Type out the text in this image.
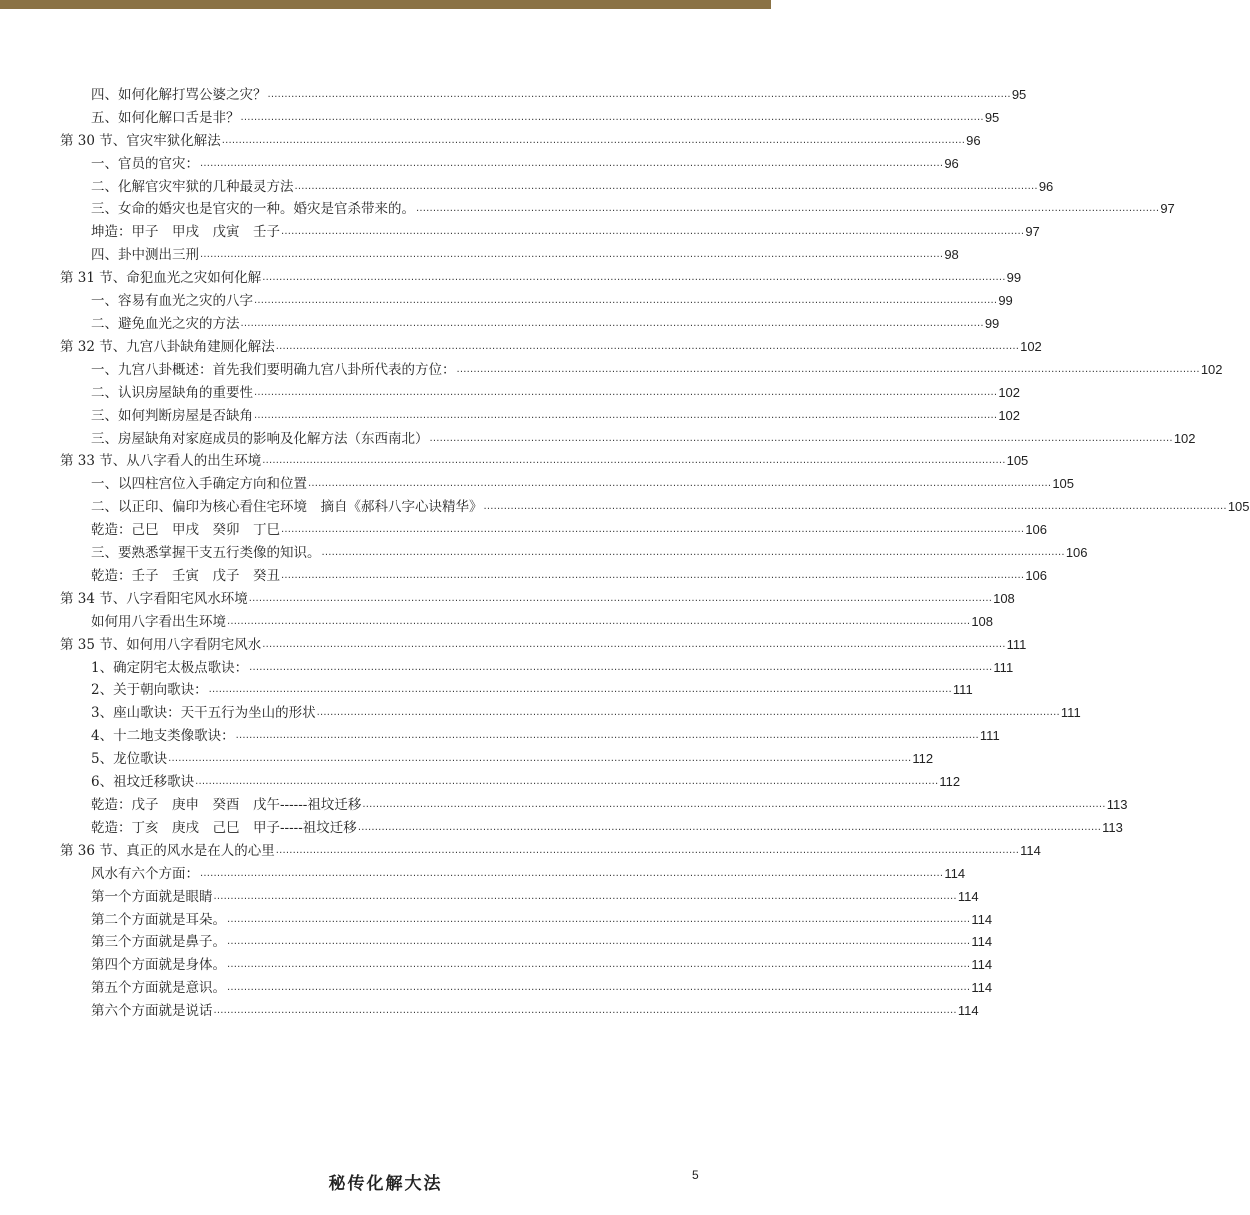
四、如何化解打骂公婆之灾？ ............................................................................................................................................................................................................................ 95
五、如何化解口舌是非？ ............................................................................................................................................................................................................................ 95
第 30 节、官灾牢狱化解法 ............................................................................................................................................................................................................................ 96
一、官员的官灾： ............................................................................................................................................................................................................................ 96
二、化解官灾牢狱的几种最灵方法 ............................................................................................................................................................................................................................ 96
三、女命的婚灾也是官灾的一种。婚灾是官杀带来的。 ............................................................................................................................................................................................................................ 97
坤造：甲子　甲戌　戊寅　壬子 ............................................................................................................................................................................................................................ 97
四、卦中测出三刑 ............................................................................................................................................................................................................................ 98
第 31 节、命犯血光之灾如何化解 ............................................................................................................................................................................................................................ 99
一、容易有血光之灾的八字 ............................................................................................................................................................................................................................ 99
二、避免血光之灾的方法 ............................................................................................................................................................................................................................ 99
第 32 节、九宫八卦缺角建厕化解法 ............................................................................................................................................................................................................................ 102
一、九宫八卦概述：首先我们要明确九宫八卦所代表的方位： ............................................................................................................................................................................................................................ 102
二、认识房屋缺角的重要性 ............................................................................................................................................................................................................................ 102
三、如何判断房屋是否缺角 ............................................................................................................................................................................................................................ 102
三、房屋缺角对家庭成员的影响及化解方法（东西南北） ............................................................................................................................................................................................................................ 102
第 33 节、从八字看人的出生环境 ............................................................................................................................................................................................................................ 105
一、以四柱宫位入手确定方向和位置 ............................................................................................................................................................................................................................ 105
二、以正印、偏印为核心看住宅环境　摘自《郝科八字心诀精华》 ............................................................................................................................................................................................................................ 105
乾造：己巳　甲戌　癸卯　丁巳 ............................................................................................................................................................................................................................ 106
三、要熟悉掌握干支五行类像的知识。 ............................................................................................................................................................................................................................ 106
乾造：壬子　壬寅　戊子　癸丑 ............................................................................................................................................................................................................................ 106
第 34 节、八字看阳宅风水环境 ............................................................................................................................................................................................................................ 108
如何用八字看出生环境 ............................................................................................................................................................................................................................ 108
第 35 节、如何用八字看阴宅风水 ............................................................................................................................................................................................................................ 111
1、确定阴宅太极点歌诀： ............................................................................................................................................................................................................................ 111
2、关于朝向歌诀： ............................................................................................................................................................................................................................ 111
3、座山歌诀：天干五行为坐山的形状 ............................................................................................................................................................................................................................ 111
4、十二地支类像歌诀： ............................................................................................................................................................................................................................ 111
5、龙位歌诀 ............................................................................................................................................................................................................................ 112
6、祖坟迁移歌诀 ............................................................................................................................................................................................................................ 112
乾造：戊子　庚申　癸酉　戊午------祖坟迁移 ............................................................................................................................................................................................................................ 113
乾造：丁亥　庚戌　己巳　甲子-----祖坟迁移 ............................................................................................................................................................................................................................ 113
第 36 节、真正的风水是在人的心里 ............................................................................................................................................................................................................................ 114
风水有六个方面： ............................................................................................................................................................................................................................ 114
第一个方面就是眼睛 ............................................................................................................................................................................................................................ 114
第二个方面就是耳朵。 ............................................................................................................................................................................................................................ 114
第三个方面就是鼻子。 ............................................................................................................................................................................................................................ 114
第四个方面就是身体。 ............................................................................................................................................................................................................................ 114
第五个方面就是意识。 ............................................................................................................................................................................................................................ 114
第六个方面就是说话 ............................................................................................................................................................................................................................ 114
秘传化解大法	5
